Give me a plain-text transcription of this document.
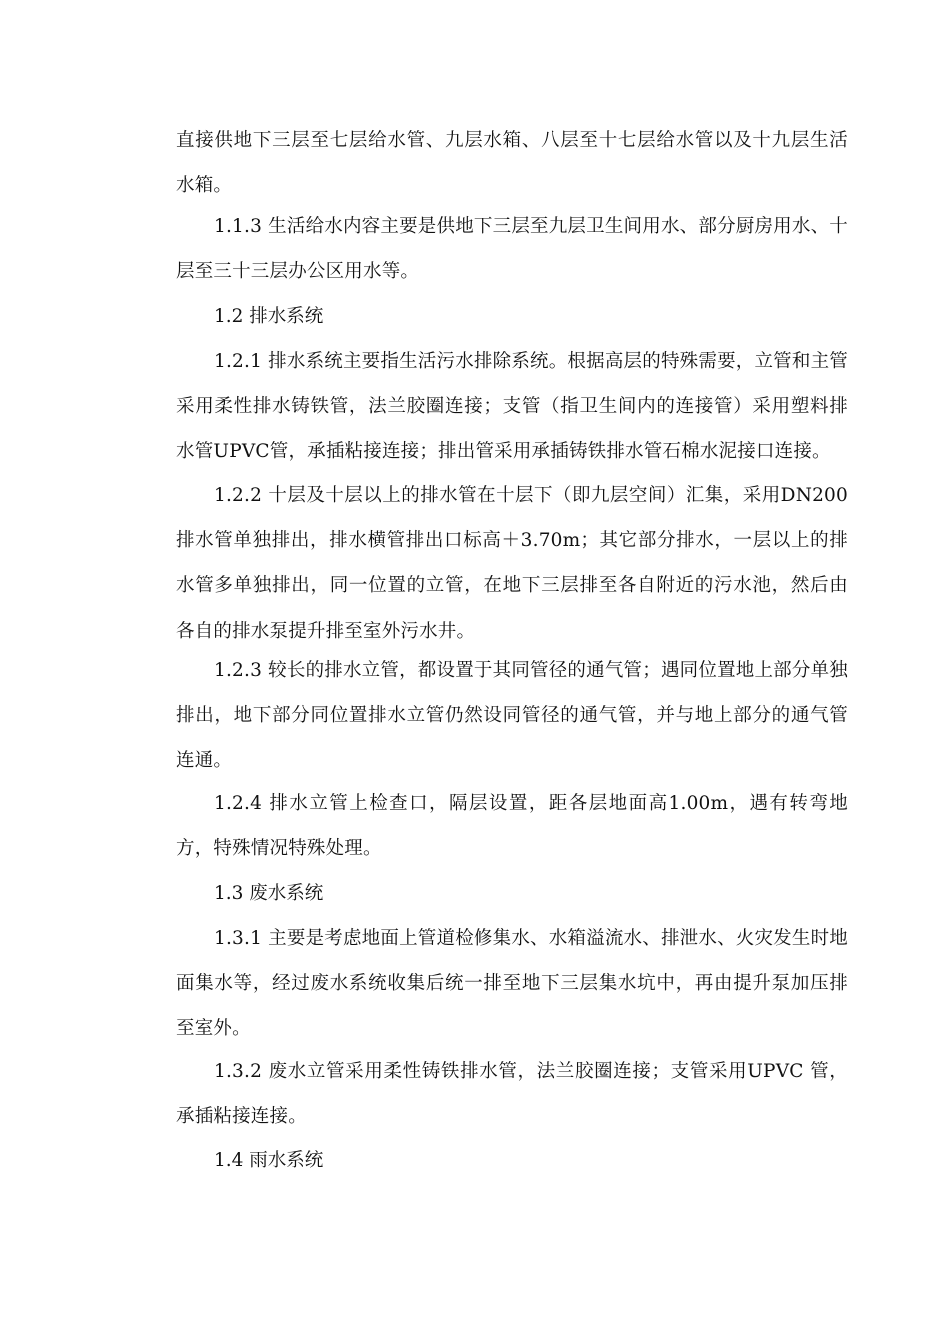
直接供地下三层至七层给水管、九层水箱、八层至十七层给水管以及十九层生活水箱。

1.1.3 生活给水内容主要是供地下三层至九层卫生间用水、部分厨房用水、十层至三十三层办公区用水等。

1.2 排水系统

1.2.1 排水系统主要指生活污水排除系统。根据高层的特殊需要，立管和主管采用柔性排水铸铁管，法兰胶圈连接；支管（指卫生间内的连接管）采用塑料排水管UPVC管，承插粘接连接；排出管采用承插铸铁排水管石棉水泥接口连接。

1.2.2 十层及十层以上的排水管在十层下（即九层空间）汇集，采用DN200排水管单独排出，排水横管排出口标高＋3.70m；其它部分排水，一层以上的排水管多单独排出，同一位置的立管，在地下三层排至各自附近的污水池，然后由各自的排水泵提升排至室外污水井。

1.2.3 较长的排水立管，都设置于其同管径的通气管；遇同位置地上部分单独排出，地下部分同位置排水立管仍然设同管径的通气管，并与地上部分的通气管连通。

1.2.4 排水立管上检查口，隔层设置，距各层地面高1.00m，遇有转弯地方，特殊情况特殊处理。

1.3 废水系统

1.3.1 主要是考虑地面上管道检修集水、水箱溢流水、排泄水、火灾发生时地面集水等，经过废水系统收集后统一排至地下三层集水坑中，再由提升泵加压排至室外。

1.3.2 废水立管采用柔性铸铁排水管，法兰胶圈连接；支管采用UPVC 管，承插粘接连接。

1.4 雨水系统
